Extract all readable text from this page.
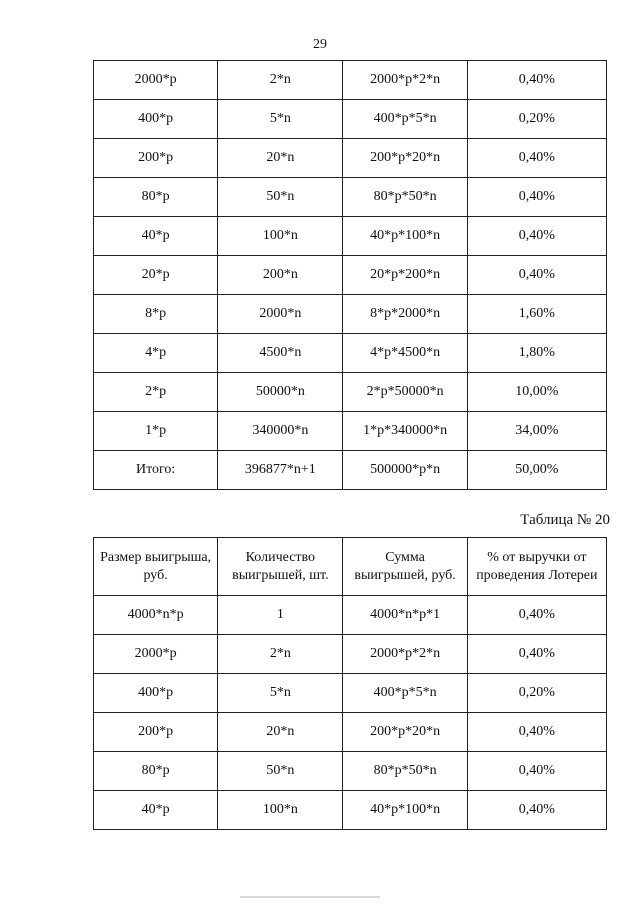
29
2000*р	2*n	2000*р*2*n	0,40%
400*р	5*n	400*р*5*n	0,20%
200*р	20*n	200*р*20*n	0,40%
80*р	50*n	80*р*50*n	0,40%
40*р	100*n	40*р*100*n	0,40%
20*р	200*n	20*р*200*n	0,40%
8*р	2000*n	8*р*2000*n	1,60%
4*р	4500*n	4*р*4500*n	1,80%
2*р	50000*n	2*р*50000*n	10,00%
1*р	340000*n	1*р*340000*n	34,00%
Итого:	396877*n+1	500000*р*n	50,00%
Таблица № 20
Размер выигрыша, руб.	Количество выигрышей, шт.	Сумма выигрышей, руб.	% от выручки от проведения Лотереи
4000*n*р	1	4000*n*р*1	0,40%
2000*р	2*n	2000*р*2*n	0,40%
400*р	5*n	400*р*5*n	0,20%
200*р	20*n	200*р*20*n	0,40%
80*р	50*n	80*р*50*n	0,40%
40*р	100*n	40*р*100*n	0,40%
